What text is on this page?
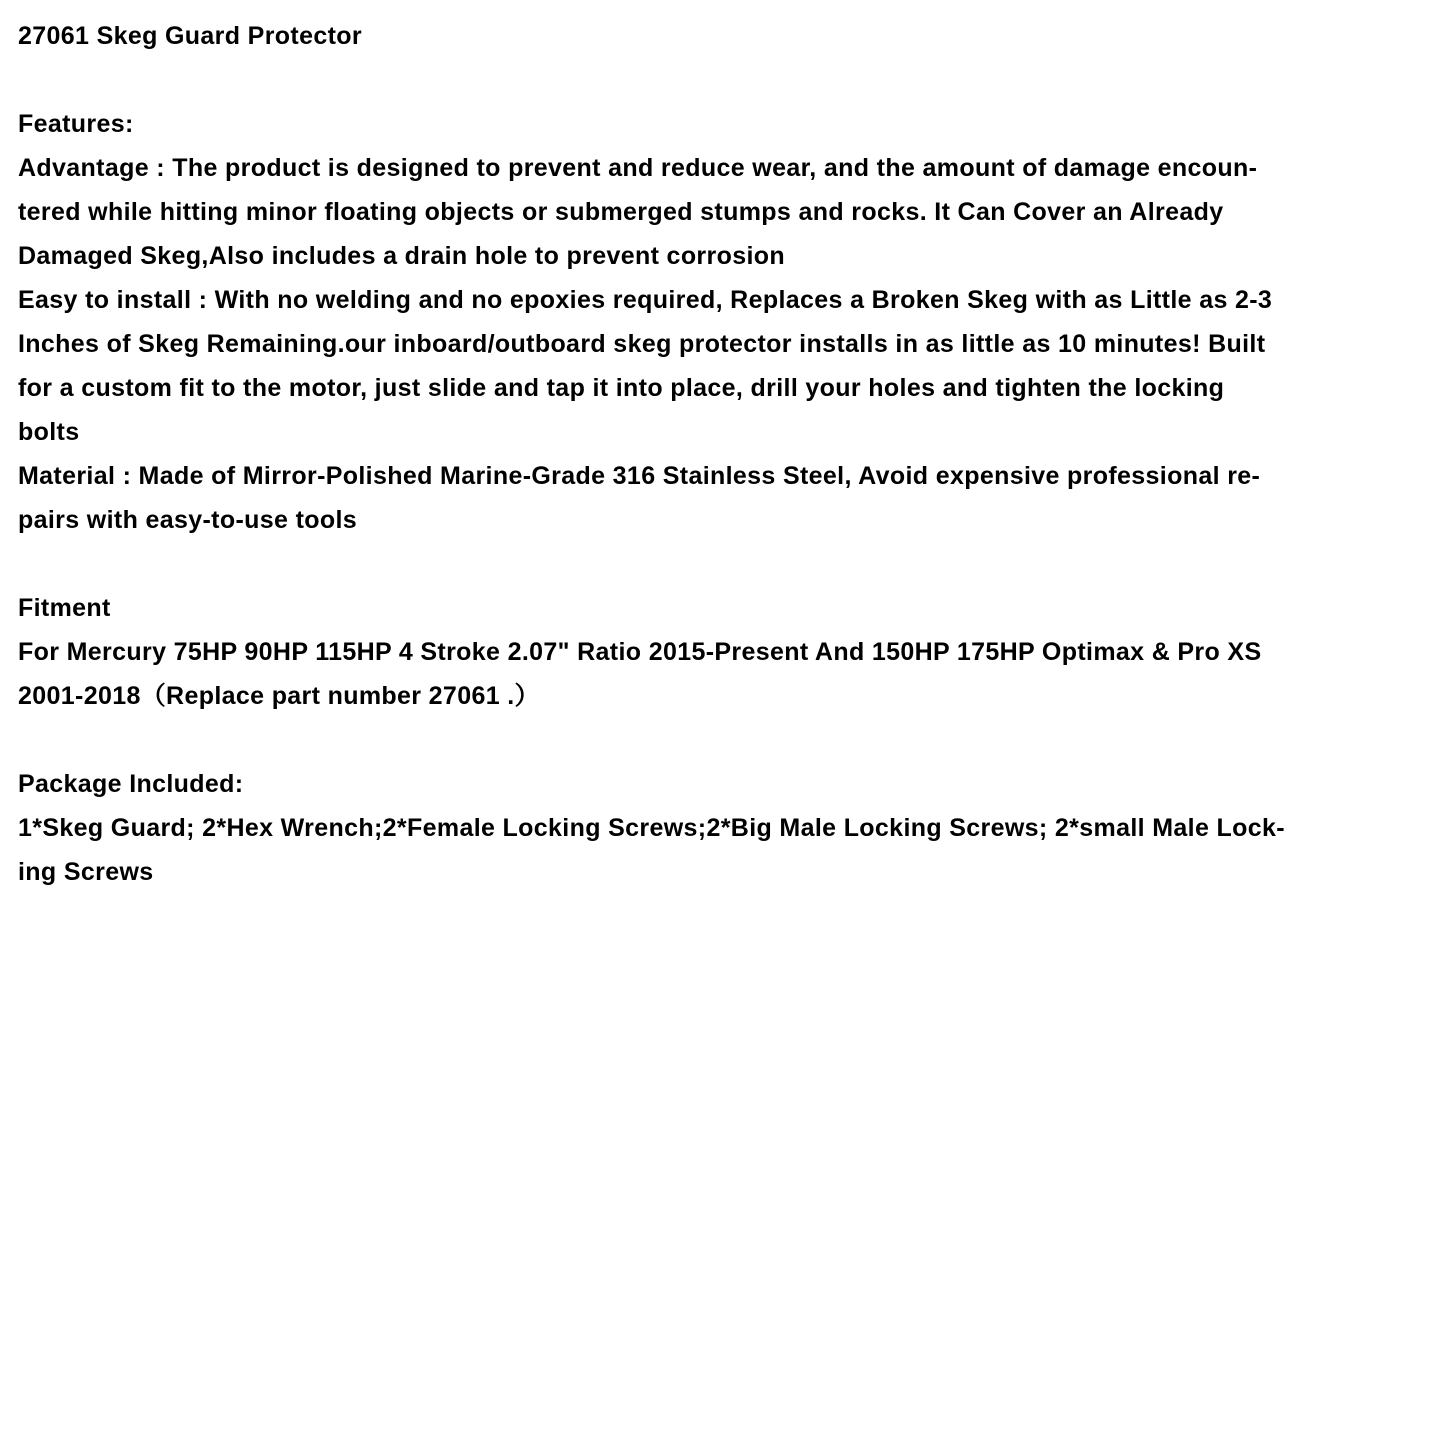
27061 Skeg Guard Protector
Features:
Advantage : The product is designed to prevent and reduce wear, and the amount of damage encoun-
tered while hitting minor floating objects or submerged stumps and rocks. It Can Cover an Already
Damaged Skeg,Also includes a drain hole to prevent corrosion
Easy to install : With no welding and no epoxies required, Replaces a Broken Skeg with as Little as 2-3
Inches of Skeg Remaining.our inboard/outboard skeg protector installs in as little as 10 minutes! Built
for a custom fit to the motor, just slide and tap it into place, drill your holes and tighten the locking
bolts
Material : Made of Mirror-Polished Marine-Grade 316 Stainless Steel, Avoid expensive professional re-
pairs with easy-to-use tools
Fitment
For Mercury 75HP 90HP 115HP 4 Stroke 2.07" Ratio 2015-Present And 150HP 175HP Optimax & Pro XS
2001-2018（Replace part number 27061 .）
Package Included:
1*Skeg Guard; 2*Hex Wrench;2*Female Locking Screws;2*Big Male Locking Screws; 2*small Male Lock-
ing Screws
